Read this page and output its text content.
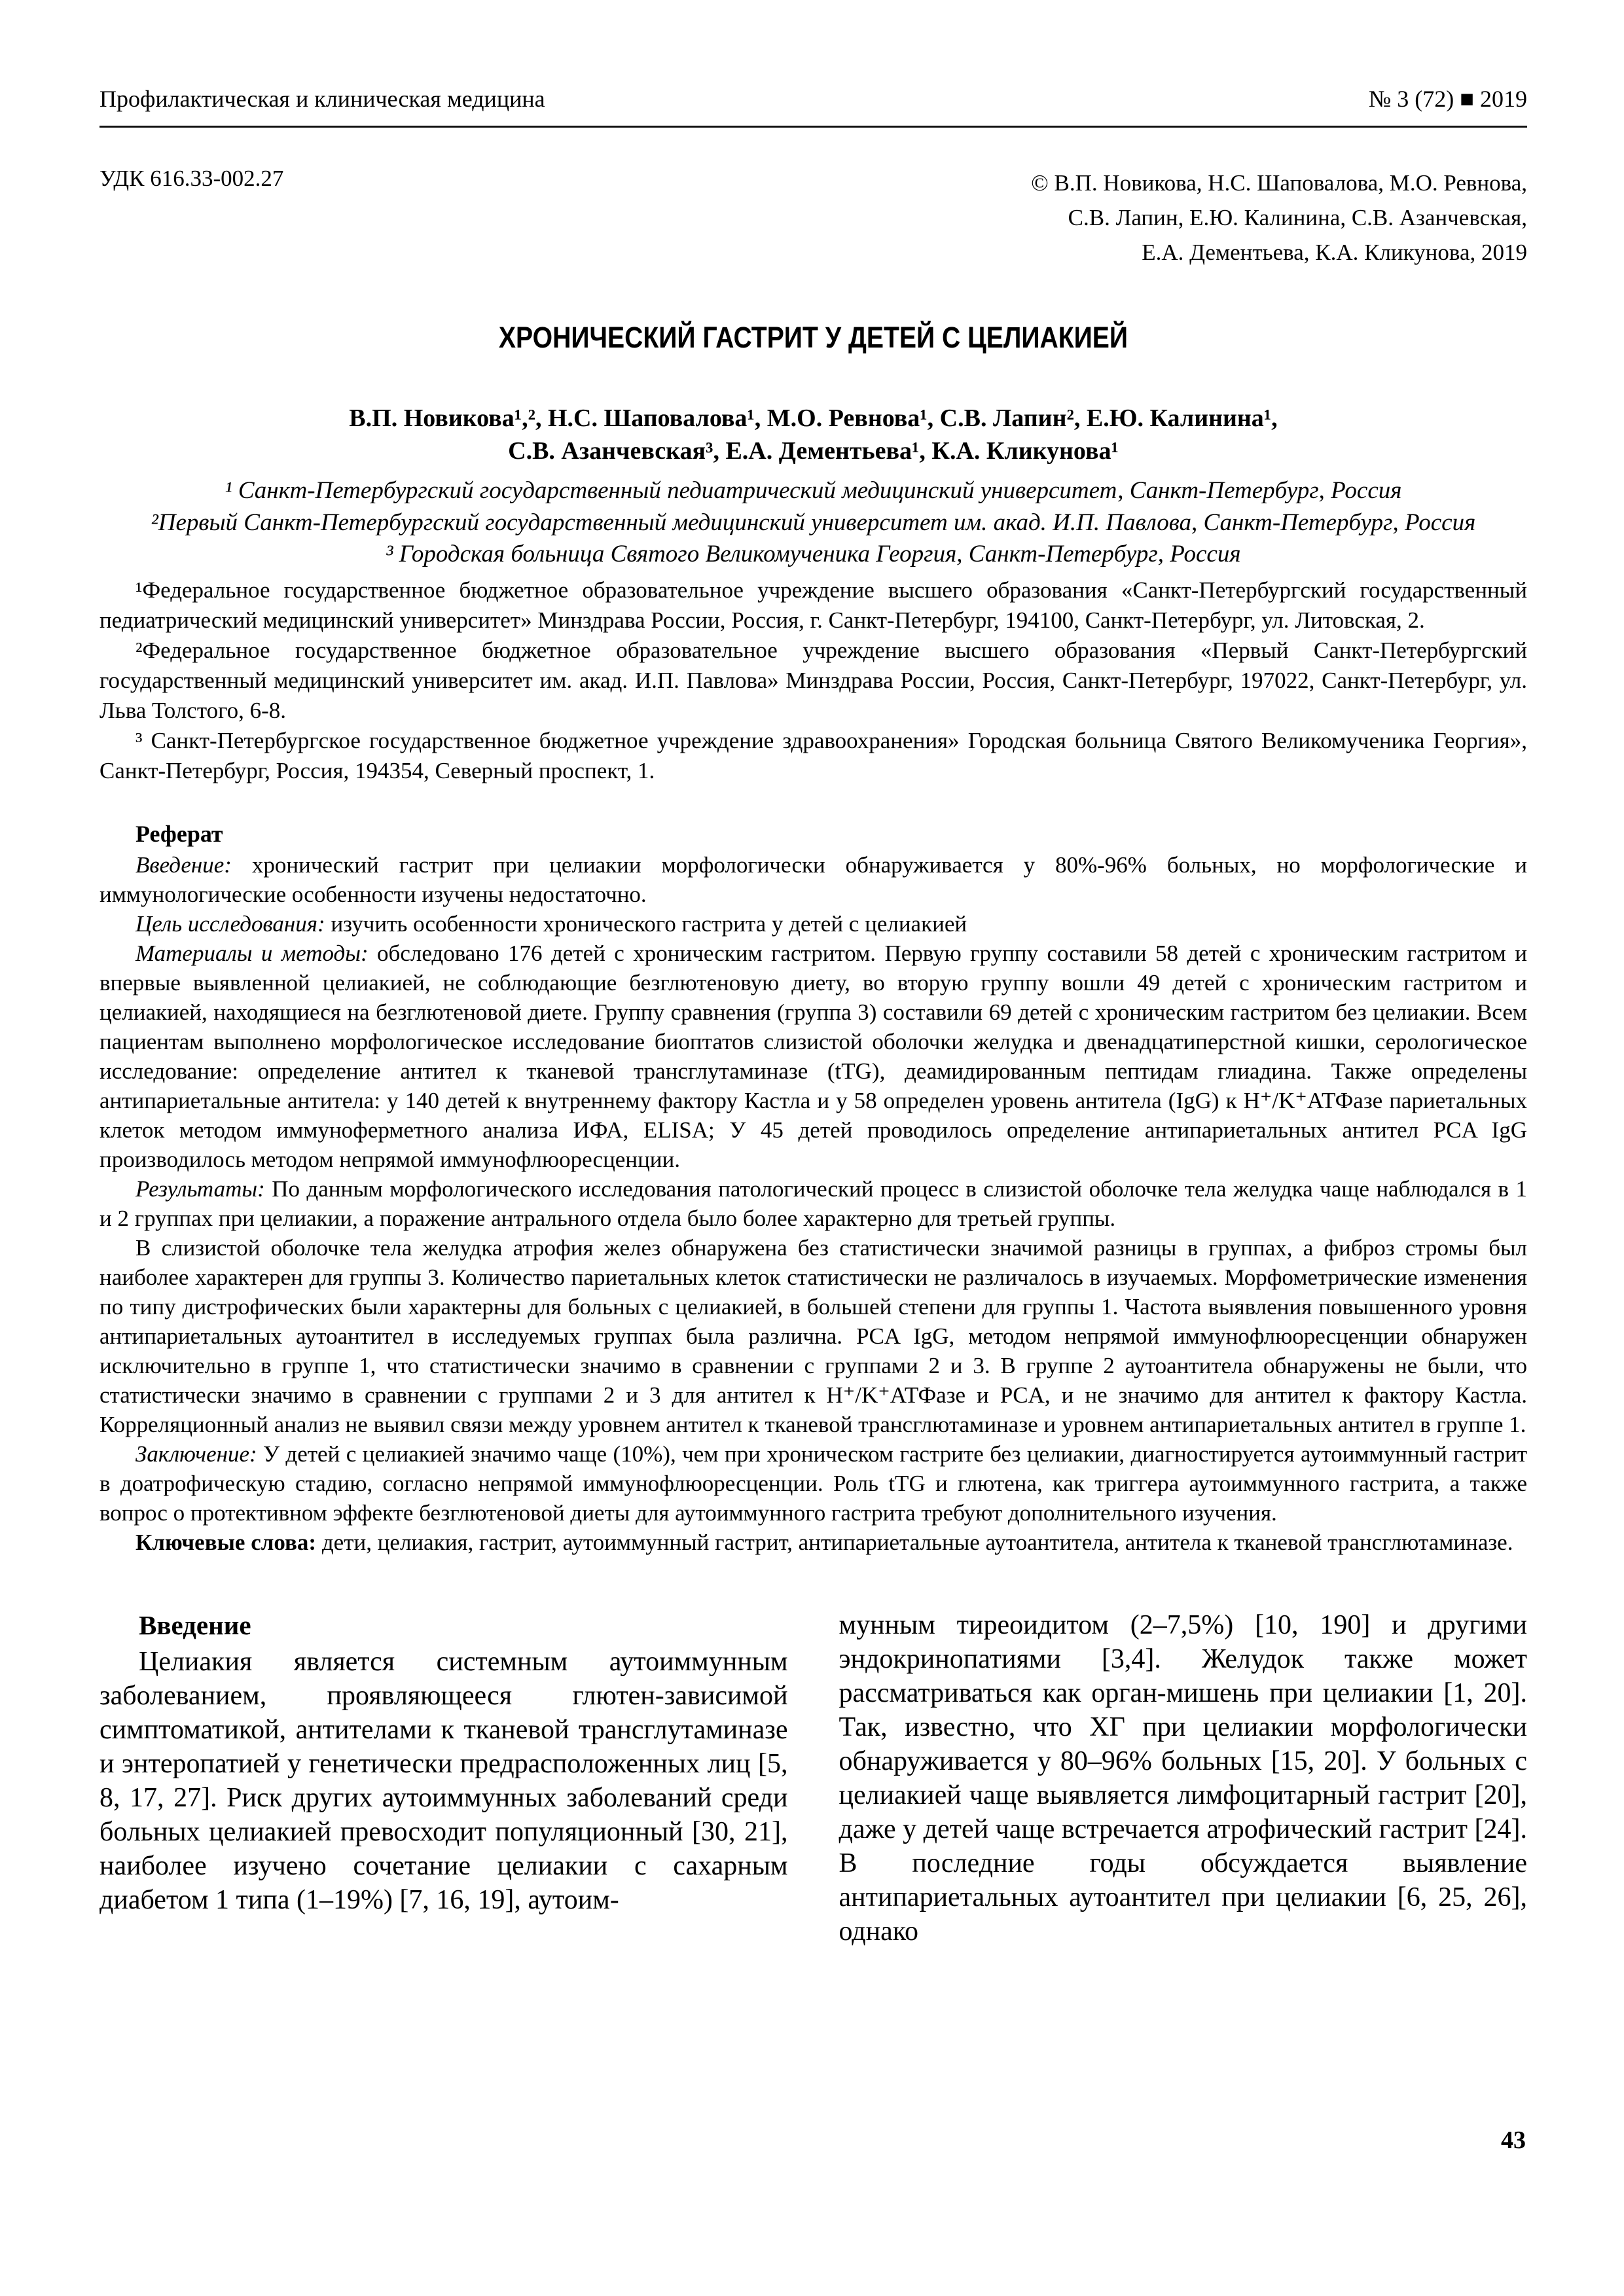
Профилактическая и клиническая медицина	№ 3 (72) ■ 2019
УДК 616.33-002.27	© В.П. Новикова, Н.С. Шаповалова, М.О. Ревнова,
С.В. Лапин, Е.Ю. Калинина, С.В. Азанчевская,
Е.А. Дементьева, К.А. Кликунова, 2019
ХРОНИЧЕСКИЙ ГАСТРИТ У ДЕТЕЙ С ЦЕЛИАКИЕЙ
В.П. Новикова¹,², Н.С. Шаповалова¹, М.О. Ревнова¹, С.В. Лапин², Е.Ю. Калинина¹,
С.В. Азанчевская³, Е.А. Дементьева¹, К.А. Кликунова¹

¹ Санкт-Петербургский государственный педиатрический медицинский университет, Санкт-Петербург, Россия

²Первый Санкт-Петербургский государственный медицинский университет им. акад. И.П. Павлова, Санкт-Петербург, Россия

³ Городская больница Святого Великомученика Георгия, Санкт-Петербург, Россия

¹Федеральное государственное бюджетное образовательное учреждение высшего образования «Санкт-Петербургский государственный педиатрический медицинский университет» Минздрава России, Россия, г. Санкт-Петербург, 194100, Санкт-Петербург, ул. Литовская, 2.

²Федеральное государственное бюджетное образовательное учреждение высшего образования «Первый Санкт-Петербургский государственный медицинский университет им. акад. И.П. Павлова» Минздрава России, Россия, Санкт-Петербург, 197022, Санкт-Петербург, ул. Льва Толстого, 6-8.

³ Санкт-Петербургское государственное бюджетное учреждение здравоохранения» Городская больница Святого Великомученика Георгия», Санкт-Петербург, Россия, 194354, Северный проспект, 1.

Реферат

Введение: хронический гастрит при целиакии морфологически обнаруживается у 80%-96% больных, но морфологические и иммунологические особенности изучены недостаточно.

Цель исследования: изучить особенности хронического гастрита у детей с целиакией

Материалы и методы: обследовано 176 детей с хроническим гастритом. Первую группу составили 58 детей с хроническим гастритом и впервые выявленной целиакией, не соблюдающие безглютеновую диету, во вторую группу вошли 49 детей с хроническим гастритом и целиакией, находящиеся на безглютеновой диете. Группу сравнения (группа 3) составили 69 детей с хроническим гастритом без целиакии. Всем пациентам выполнено морфологическое исследование биоптатов слизистой оболочки желудка и двенадцатиперстной кишки, серологическое исследование: определение антител к тканевой трансглутаминазе (tTG), деамидированным пептидам глиадина. Также определены антипариетальные антитела: у 140 детей к внутреннему фактору Кастла и у 58 определен уровень антитела (IgG) к H⁺/K⁺АТФазе париетальных клеток методом иммуноферметного анализа ИФА, ELISA; У 45 детей проводилось определение антипариетальных антител PCA IgG производилось методом непрямой иммунофлюоресценции.

Результаты: По данным морфологического исследования патологический процесс в слизистой оболочке тела желудка чаще наблюдался в 1 и 2 группах при целиакии, а поражение антрального отдела было более характерно для третьей группы.

В слизистой оболочке тела желудка атрофия желез обнаружена без статистически значимой разницы в группах, а фиброз стромы был наиболее характерен для группы 3. Количество париетальных клеток статистически не различалось в изучаемых. Морфометрические изменения по типу дистрофических были характерны для больных с целиакией, в большей степени для группы 1. Частота выявления повышенного уровня антипариетальных аутоантител в исследуемых группах была различна. PCA IgG, методом непрямой иммунофлюоресценции обнаружен исключительно в группе 1, что статистически значимо в сравнении с группами 2 и 3. В группе 2 аутоантитела обнаружены не были, что статистически значимо в сравнении с группами 2 и 3 для антител к H⁺/K⁺АТФазе и PCA, и не значимо для антител к фактору Кастла. Корреляционный анализ не выявил связи между уровнем антител к тканевой трансглютаминазе и уровнем антипариетальных антител в группе 1.

Заключение: У детей с целиакией значимо чаще (10%), чем при хроническом гастрите без целиакии, диагностируется аутоиммунный гастрит в доатрофическую стадию, согласно непрямой иммунофлюоресценции. Роль tTG и глютена, как триггера аутоиммунного гастрита, а также вопрос о протективном эффекте безглютеновой диеты для аутоиммунного гастрита требуют дополнительного изучения.

Ключевые слова: дети, целиакия, гастрит, аутоиммунный гастрит, антипариетальные аутоантитела, антитела к тканевой трансглютаминазе.

Введение

Целиакия является системным аутоиммунным заболеванием, проявляющееся глютен-зависимой симптоматикой, антителами к тканевой трансглутаминазе и энтеропатией у генетически предрасположенных лиц [5, 8, 17, 27]. Риск других аутоиммунных заболеваний среди больных целиакией превосходит популяционный [30, 21], наиболее изучено сочетание целиакии с сахарным диабетом 1 типа (1–19%) [7, 16, 19], аутоим-

мунным тиреоидитом (2–7,5%) [10, 190] и другими эндокринопатиями [3,4]. Желудок также может рассматриваться как орган-мишень при целиакии [1, 20]. Так, известно, что ХГ при целиакии морфологически обнаруживается у 80–96% больных [15, 20]. У больных с целиакией чаще выявляется лимфоцитарный гастрит [20], даже у детей чаще встречается атрофический гастрит [24]. В последние годы обсуждается выявление антипариетальных аутоантител при целиакии [6, 25, 26], однако

43
